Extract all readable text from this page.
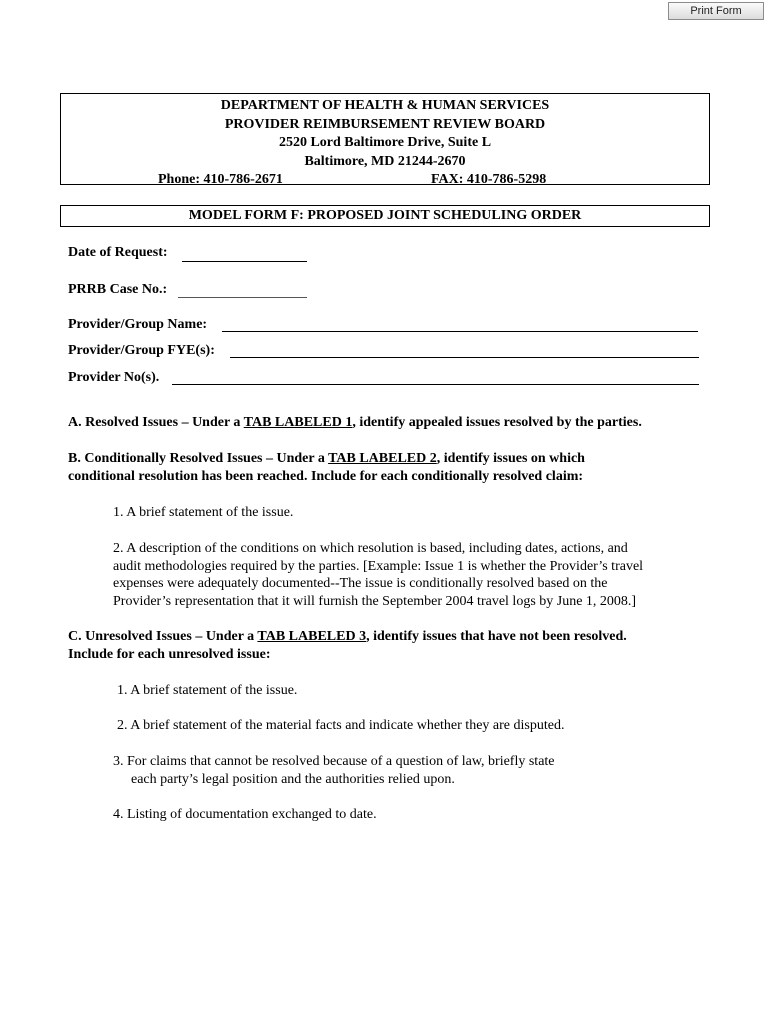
Print Form
DEPARTMENT OF HEALTH & HUMAN SERVICES
PROVIDER REIMBURSEMENT REVIEW BOARD
2520 Lord Baltimore Drive, Suite L
Baltimore, MD 21244-2670
Phone: 410-786-2671	FAX: 410-786-5298
MODEL FORM F: PROPOSED JOINT SCHEDULING ORDER
Date of Request:
PRRB Case No.:
Provider/Group Name:
Provider/Group FYE(s):
Provider No(s).
A. Resolved Issues – Under a TAB LABELED 1, identify appealed issues resolved by the parties.
B. Conditionally Resolved Issues – Under a TAB LABELED 2, identify issues on which
conditional resolution has been reached. Include for each conditionally resolved claim:
1. A brief statement of the issue.
2. A description of the conditions on which resolution is based, including dates, actions, and
audit methodologies required by the parties. [Example: Issue 1 is whether the Provider’s travel
expenses were adequately documented--The issue is conditionally resolved based on the
Provider’s representation that it will furnish the September 2004 travel logs by June 1, 2008.]
C. Unresolved Issues – Under a TAB LABELED 3, identify issues that have not been resolved.
Include for each unresolved issue:
1. A brief statement of the issue.
2. A brief statement of the material facts and indicate whether they are disputed.
3. For claims that cannot be resolved because of a question of law, briefly state
each party’s legal position and the authorities relied upon.
4. Listing of documentation exchanged to date.
